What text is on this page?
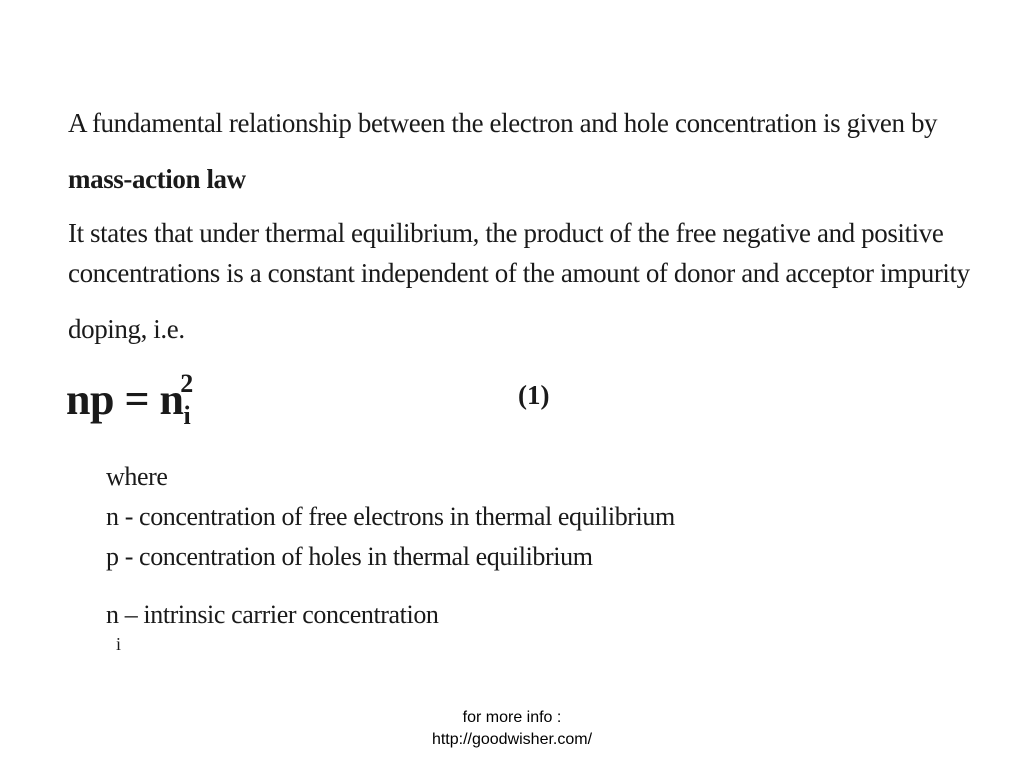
A fundamental relationship between the electron and hole concentration is given by
mass-action law
It states that under thermal equilibrium, the product of the free negative and positive
concentrations is a constant independent of the amount of donor and acceptor impurity
doping, i.e.
np = $n_i^2$	(1)
where
n - concentration of free electrons in thermal equilibrium
p - concentration of holes in thermal equilibrium
n – intrinsic carrier concentration
i
for more info :
http://goodwisher.com/
